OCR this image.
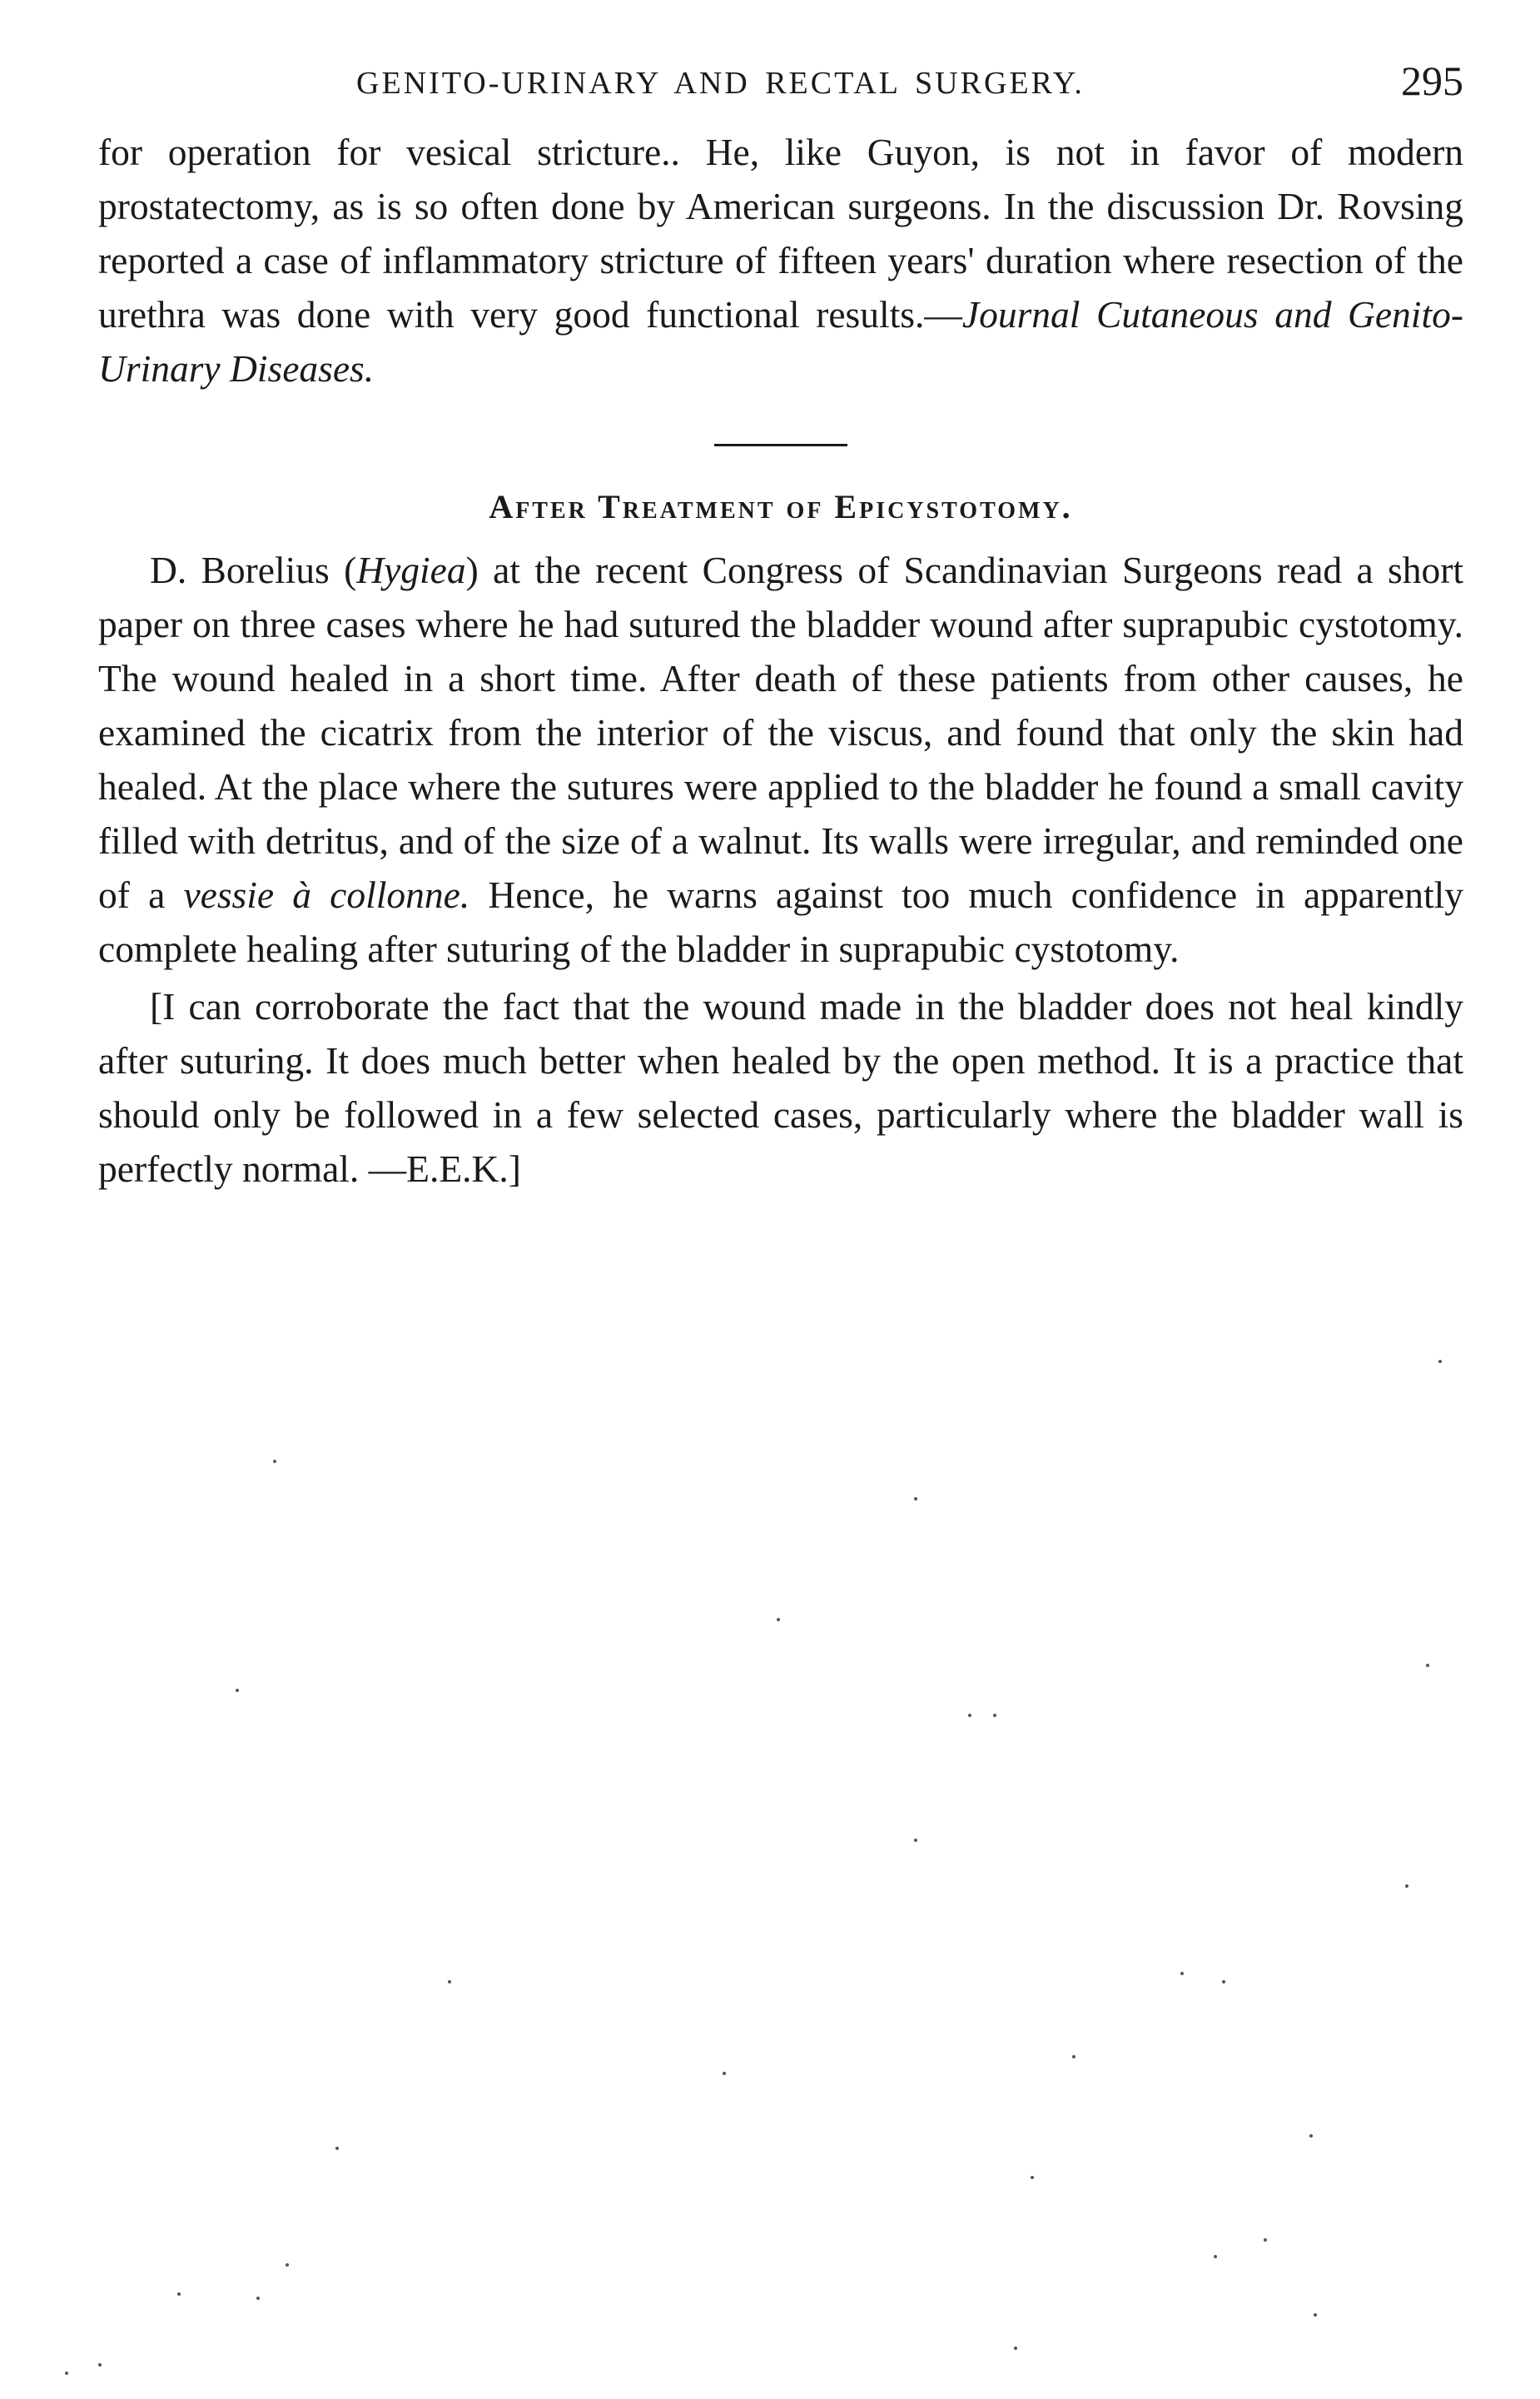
GENITO-URINARY AND RECTAL SURGERY.	295

for operation for vesical stricture.. He, like Guyon, is not in favor of modern prostatectomy, as is so often done by American surgeons. In the discussion Dr. Rovsing reported a case of inflammatory stricture of fifteen years' duration where resection of the urethra was done with very good functional results.—Journal Cutaneous and Genito-Urinary Diseases.

After Treatment of Epicystotomy.

D. Borelius (Hygiea) at the recent Congress of Scandinavian Surgeons read a short paper on three cases where he had sutured the bladder wound after suprapubic cystotomy. The wound healed in a short time. After death of these patients from other causes, he examined the cicatrix from the interior of the viscus, and found that only the skin had healed. At the place where the sutures were applied to the bladder he found a small cavity filled with detritus, and of the size of a walnut. Its walls were irregular, and reminded one of a vessie à collonne. Hence, he warns against too much confidence in apparently complete healing after suturing of the bladder in suprapubic cystotomy.

[I can corroborate the fact that the wound made in the bladder does not heal kindly after suturing. It does much better when healed by the open method. It is a practice that should only be followed in a few selected cases, particularly where the bladder wall is perfectly normal. —E.E.K.]
